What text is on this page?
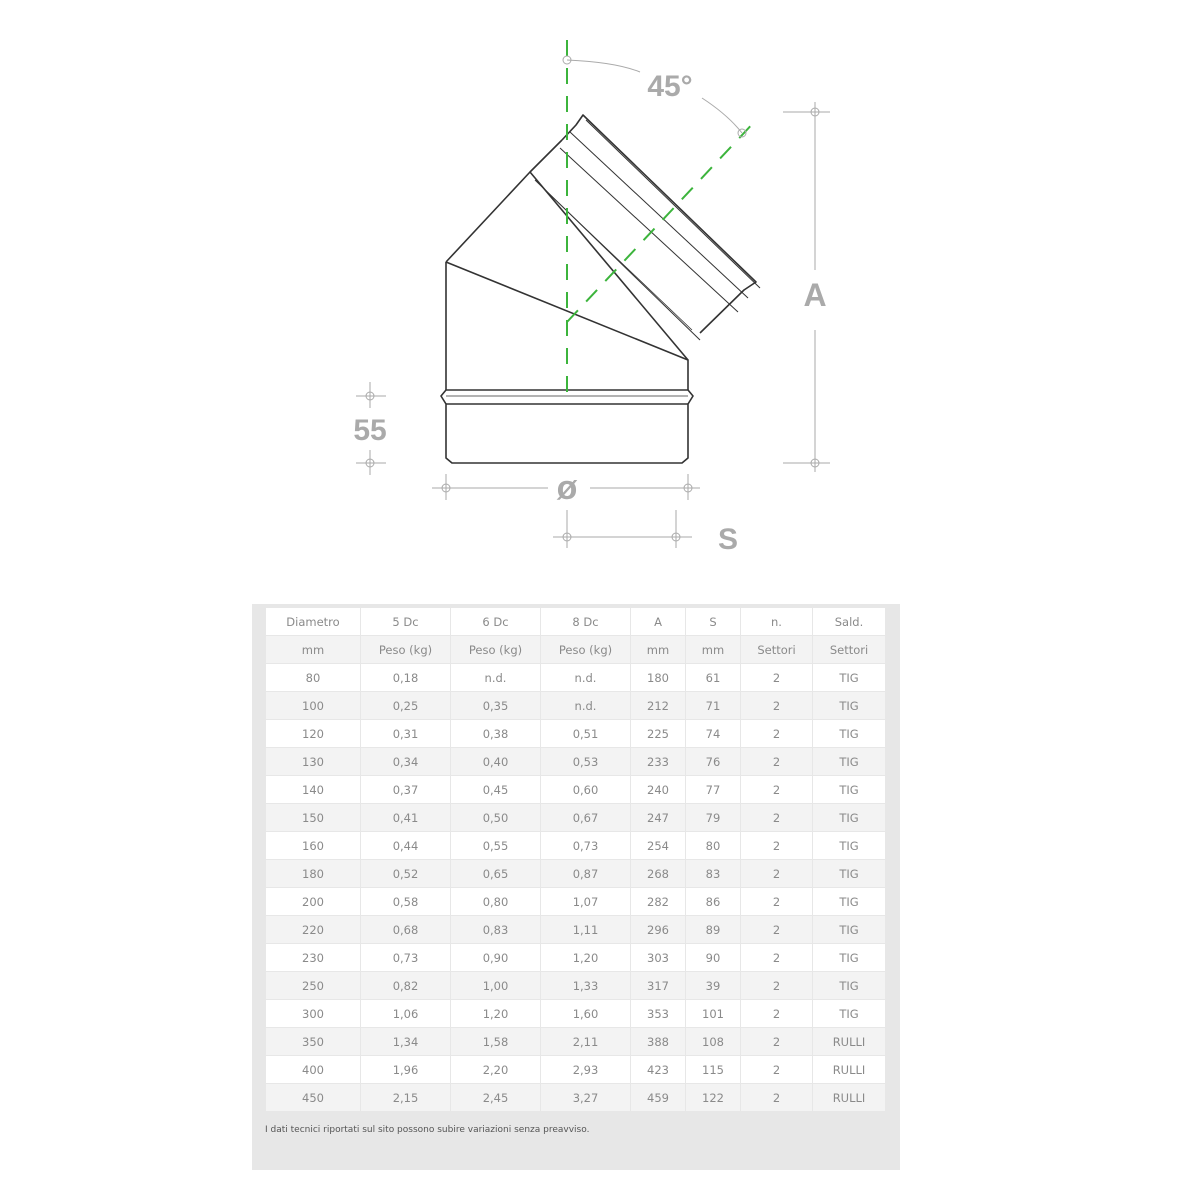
45°
A
55
ø
S
Diametro	5 Dc	6 Dc	8 Dc	A	S	n.	Sald.
mm	Peso (kg)	Peso (kg)	Peso (kg)	mm	mm	Settori	Settori
80	0,18	n.d.	n.d.	180	61	2	TIG
100	0,25	0,35	n.d.	212	71	2	TIG
120	0,31	0,38	0,51	225	74	2	TIG
130	0,34	0,40	0,53	233	76	2	TIG
140	0,37	0,45	0,60	240	77	2	TIG
150	0,41	0,50	0,67	247	79	2	TIG
160	0,44	0,55	0,73	254	80	2	TIG
180	0,52	0,65	0,87	268	83	2	TIG
200	0,58	0,80	1,07	282	86	2	TIG
220	0,68	0,83	1,11	296	89	2	TIG
230	0,73	0,90	1,20	303	90	2	TIG
250	0,82	1,00	1,33	317	39	2	TIG
300	1,06	1,20	1,60	353	101	2	TIG
350	1,34	1,58	2,11	388	108	2	RULLI
400	1,96	2,20	2,93	423	115	2	RULLI
450	2,15	2,45	3,27	459	122	2	RULLI
I dati tecnici riportati sul sito possono subire variazioni senza preavviso.
